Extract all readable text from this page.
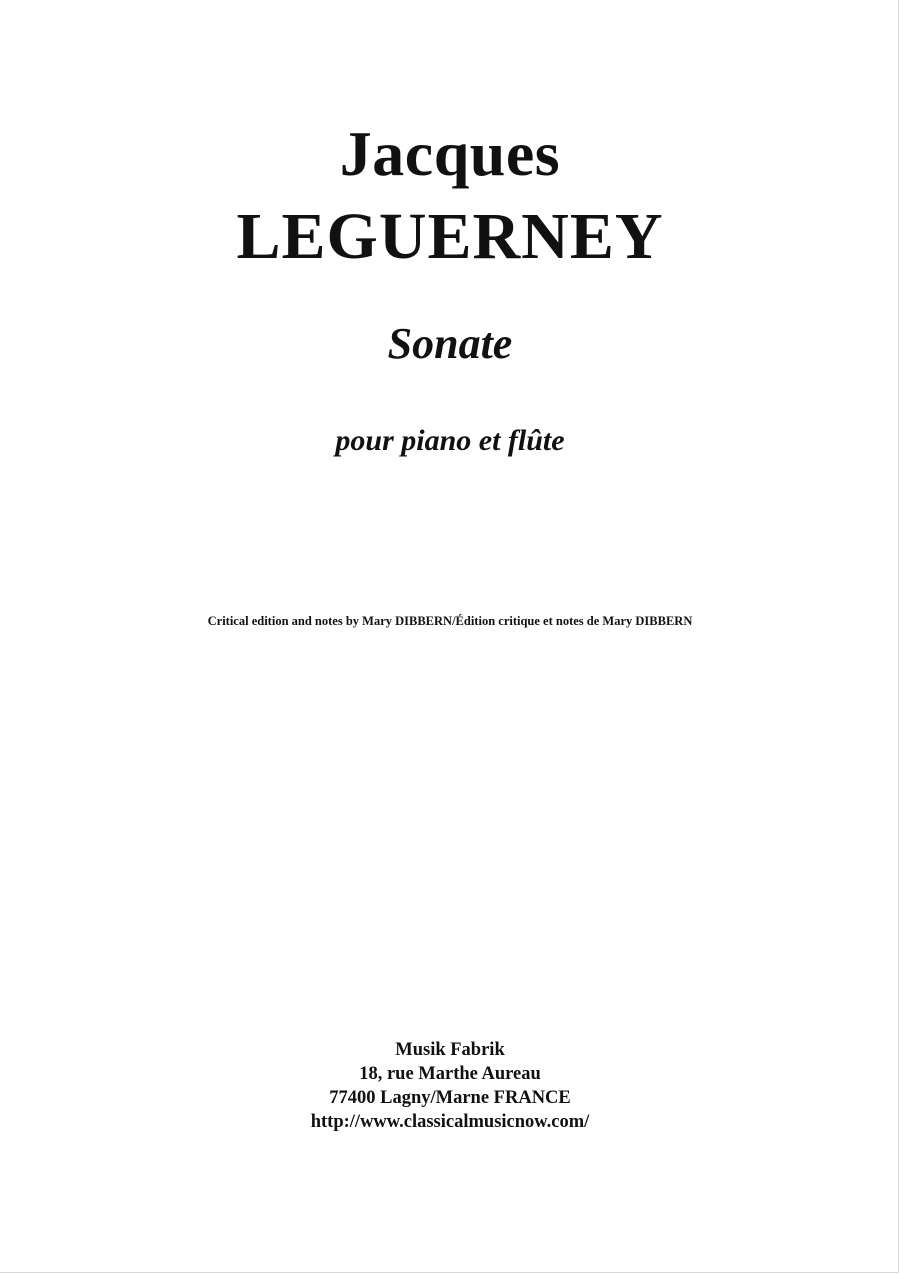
Jacques
LEGUERNEY
Sonate
pour piano et flûte
Critical edition and notes by Mary DIBBERN/Édition critique et notes de Mary DIBBERN
Musik Fabrik
18, rue Marthe Aureau
77400 Lagny/Marne FRANCE
http://www.classicalmusicnow.com/
